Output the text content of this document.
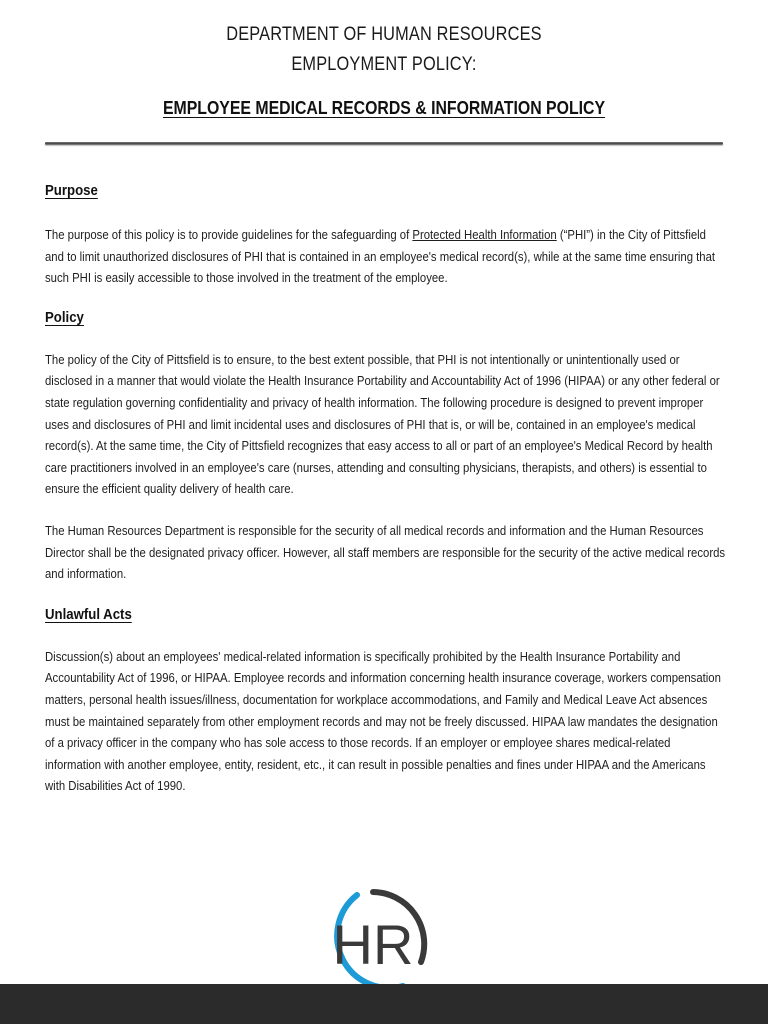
DEPARTMENT OF HUMAN RESOURCES
EMPLOYMENT POLICY:
EMPLOYEE MEDICAL RECORDS & INFORMATION POLICY
Purpose

The purpose of this policy is to provide guidelines for the safeguarding of Protected Health Information (“PHI”) in the City of Pittsfield and to limit unauthorized disclosures of PHI that is contained in an employee's medical record(s), while at the same time ensuring that such PHI is easily accessible to those involved in the treatment of the employee.

Policy

The policy of the City of Pittsfield is to ensure, to the best extent possible, that PHI is not intentionally or unintentionally used or disclosed in a manner that would violate the Health Insurance Portability and Accountability Act of 1996 (HIPAA) or any other federal or state regulation governing confidentiality and privacy of health information. The following procedure is designed to prevent improper uses and disclosures of PHI and limit incidental uses and disclosures of PHI that is, or will be, contained in an employee's medical record(s). At the same time, the City of Pittsfield recognizes that easy access to all or part of an employee's Medical Record by health care practitioners involved in an employee's care (nurses, attending and consulting physicians, therapists, and others) is essential to ensure the efficient quality delivery of health care.

The Human Resources Department is responsible for the security of all medical records and information and the Human Resources Director shall be the designated privacy officer. However, all staff members are responsible for the security of the active medical records and information.

Unlawful Acts

Discussion(s) about an employees' medical-related information is specifically prohibited by the Health Insurance Portability and Accountability Act of 1996, or HIPAA. Employee records and information concerning health insurance coverage, workers compensation matters, personal health issues/illness, documentation for workplace accommodations, and Family and Medical Leave Act absences must be maintained separately from other employment records and may not be freely discussed. HIPAA law mandates the designation of a privacy officer in the company who has sole access to those records. If an employer or employee shares medical-related information with another employee, entity, resident, etc., it can result in possible penalties and fines under HIPAA and the Americans with Disabilities Act of 1990.

HR
